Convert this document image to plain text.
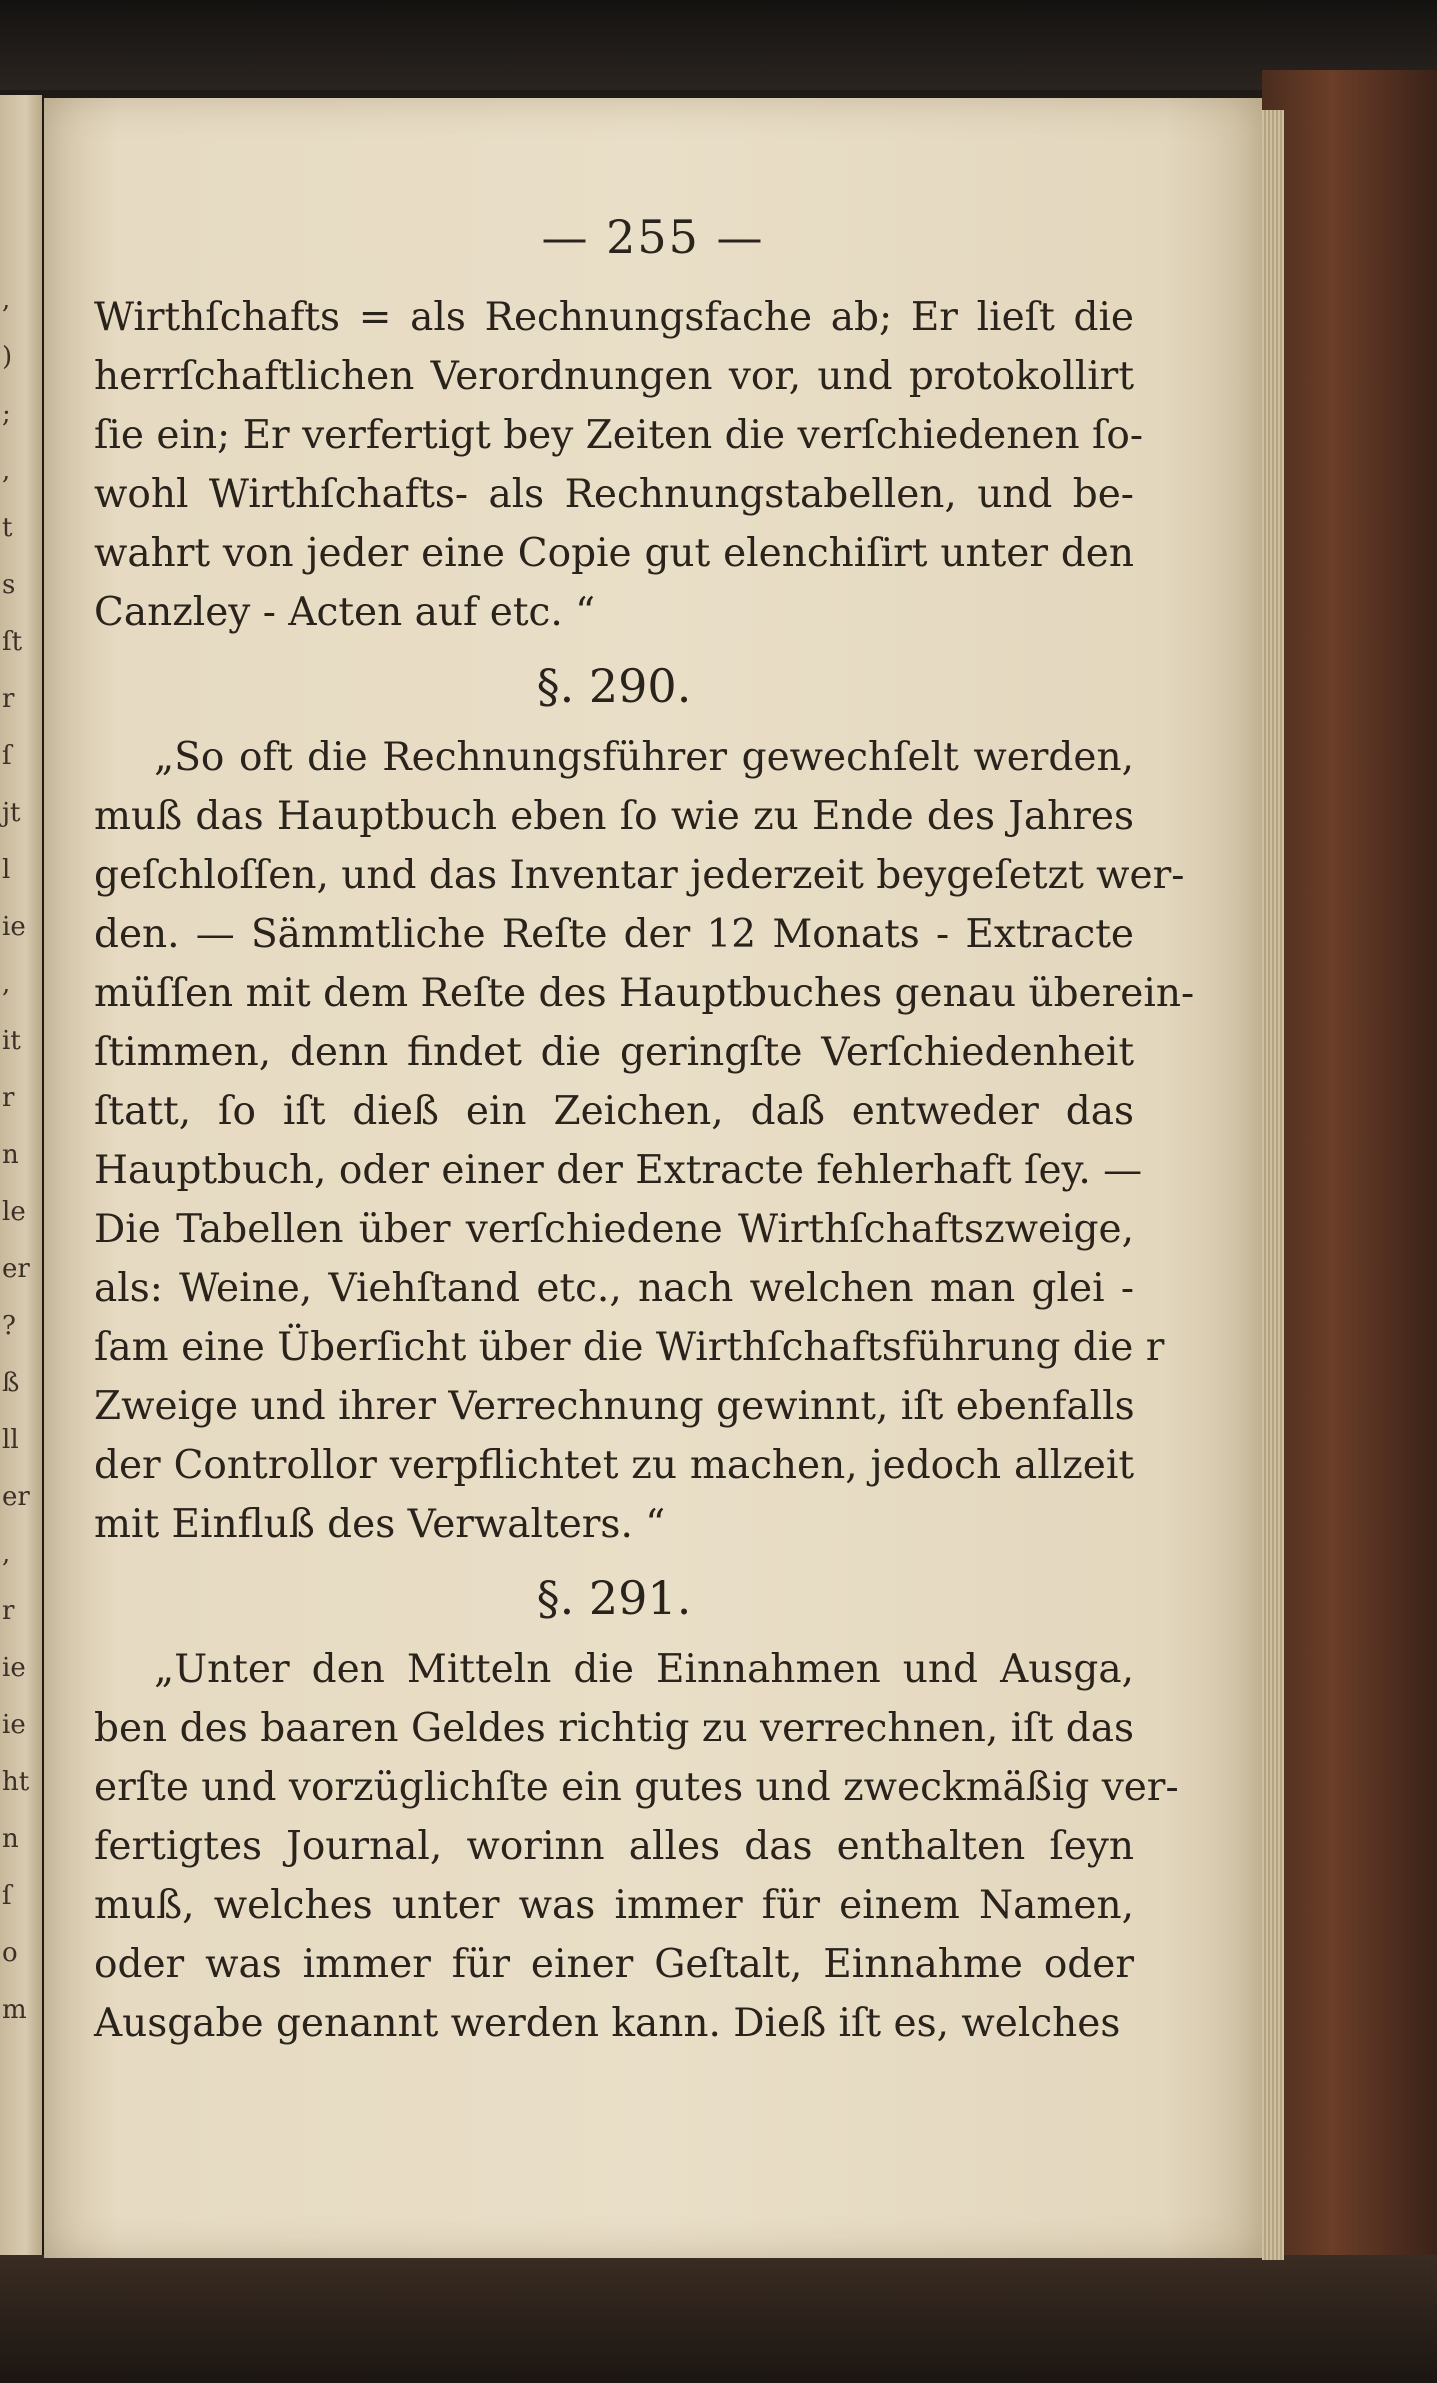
,
)
;
,
t
s
ſt
r
ſ
jt
l
ie
,
it
r
n
le
er
?
ß
ll
er
,
r
ie
ie
ht
n
ſ
o
m
— 255 —
Wirthſchafts = als Rechnungsfache ab; Er lieſt die
herrſchaftlichen Verordnungen vor, und protokollirt
ſie ein; Er verfertigt bey Zeiten die verſchiedenen ſo-
wohl Wirthſchafts- als Rechnungstabellen, und be-
wahrt von jeder eine Copie gut elenchiſirt unter den
Canzley - Acten auf etc. “
§. 290.
„So oft die Rechnungsführer gewechſelt werden,
muß das Hauptbuch eben ſo wie zu Ende des Jahres
geſchloſſen, und das Inventar jederzeit beygeſetzt wer-
den. — Sämmtliche Reſte der 12 Monats - Extracte
müſſen mit dem Reſte des Hauptbuches genau überein-
ſtimmen, denn findet die geringſte Verſchiedenheit
ſtatt, ſo iſt dieß ein Zeichen, daß entweder das
Hauptbuch, oder einer der Extracte fehlerhaft ſey. —
Die Tabellen über verſchiedene Wirthſchaftszweige,
als: Weine, Viehſtand etc., nach welchen man glei -
ſam eine Überſicht über die Wirthſchaftsführung die r
Zweige und ihrer Verrechnung gewinnt, iſt ebenfalls
der Controllor verpflichtet zu machen, jedoch allzeit
mit Einfluß des Verwalters. “
§. 291.
„Unter den Mitteln die Einnahmen und Ausga,
ben des baaren Geldes richtig zu verrechnen, iſt das
erſte und vorzüglichſte ein gutes und zweckmäßig ver-
fertigtes Journal, worinn alles das enthalten ſeyn
muß, welches unter was immer für einem Namen,
oder was immer für einer Geſtalt, Einnahme oder
Ausgabe genannt werden kann. Dieß iſt es, welches
